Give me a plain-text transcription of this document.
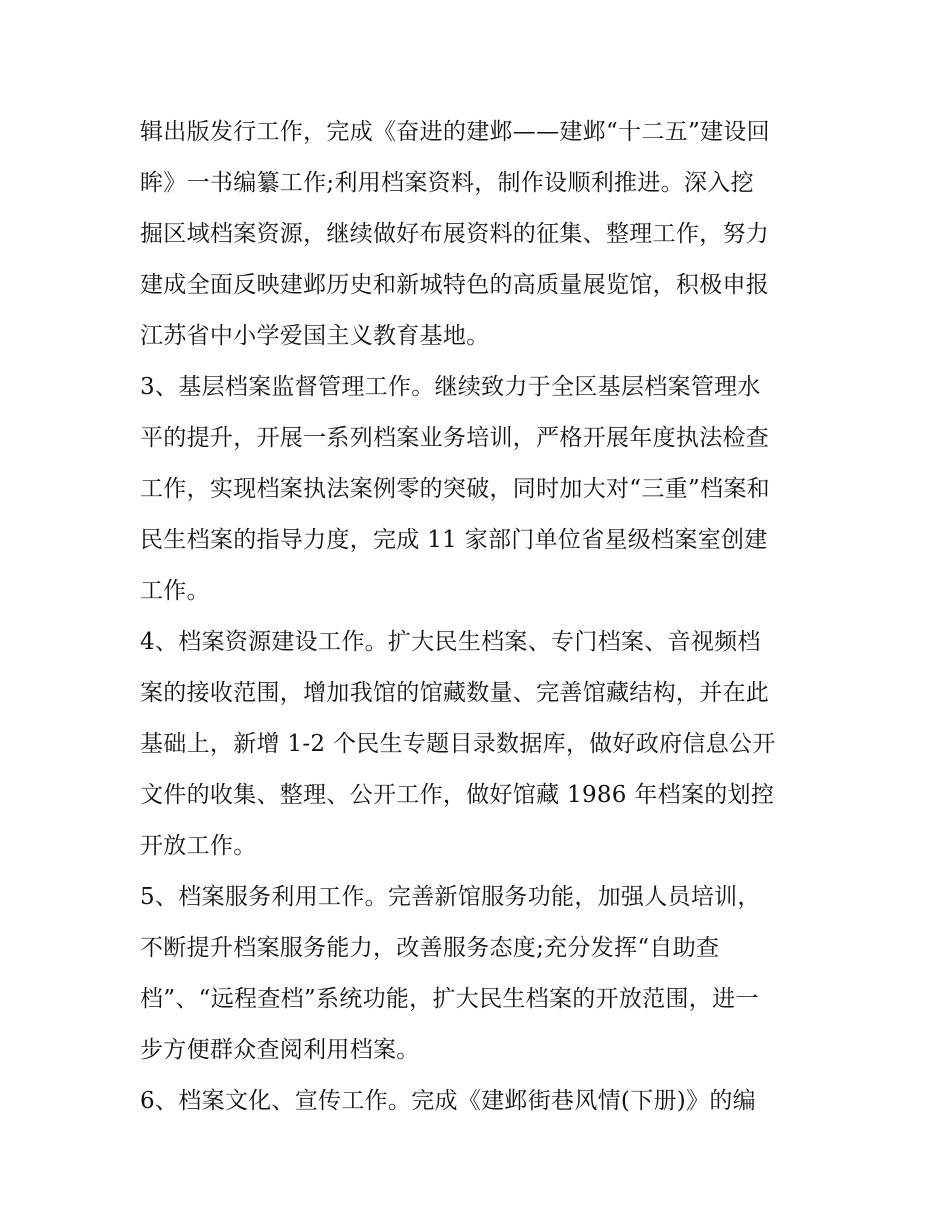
辑出版发行工作，完成《奋进的建邺——建邺“十二五”建设回
眸》一书编纂工作;利用档案资料，制作设顺利推进。深入挖
掘区域档案资源，继续做好布展资料的征集、整理工作，努力
建成全面反映建邺历史和新城特色的高质量展览馆，积极申报
江苏省中小学爱国主义教育基地。
3、基层档案监督管理工作。继续致力于全区基层档案管理水
平的提升，开展一系列档案业务培训，严格开展年度执法检查
工作，实现档案执法案例零的突破，同时加大对“三重”档案和
民生档案的指导力度，完成 11 家部门单位省星级档案室创建
工作。
4、档案资源建设工作。扩大民生档案、专门档案、音视频档
案的接收范围，增加我馆的馆藏数量、完善馆藏结构，并在此
基础上，新增 1-2 个民生专题目录数据库，做好政府信息公开
文件的收集、整理、公开工作，做好馆藏 1986 年档案的划控
开放工作。
5、档案服务利用工作。完善新馆服务功能，加强人员培训，
不断提升档案服务能力，改善服务态度;充分发挥“自助查
档”、“远程查档”系统功能，扩大民生档案的开放范围，进一
步方便群众查阅利用档案。
6、档案文化、宣传工作。完成《建邺街巷风情(下册)》的编
